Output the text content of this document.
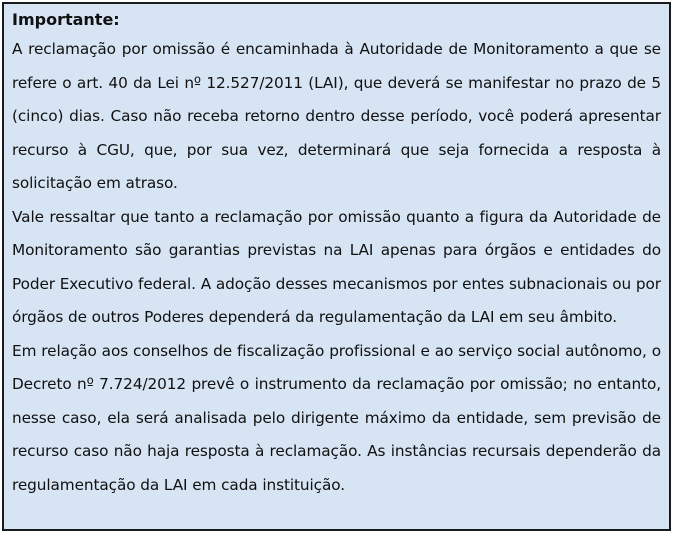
Importante:

A reclamação por omissão é encaminhada à Autoridade de Monitoramento a que se refere o art. 40 da Lei nº 12.527/2011 (LAI), que deverá se manifestar no prazo de 5 (cinco) dias. Caso não receba retorno dentro desse período, você poderá apresentar recurso à CGU, que, por sua vez, determinará que seja fornecida a resposta à solicitação em atraso.

Vale ressaltar que tanto a reclamação por omissão quanto a figura da Autoridade de Monitoramento são garantias previstas na LAI apenas para órgãos e entidades do Poder Executivo federal. A adoção desses mecanismos por entes subnacionais ou por órgãos de outros Poderes dependerá da regulamentação da LAI em seu âmbito.

Em relação aos conselhos de fiscalização profissional e ao serviço social autônomo, o Decreto nº 7.724/2012 prevê o instrumento da reclamação por omissão; no entanto, nesse caso, ela será analisada pelo dirigente máximo da entidade, sem previsão de recurso caso não haja resposta à reclamação. As instâncias recursais dependerão da regulamentação da LAI em cada instituição.
